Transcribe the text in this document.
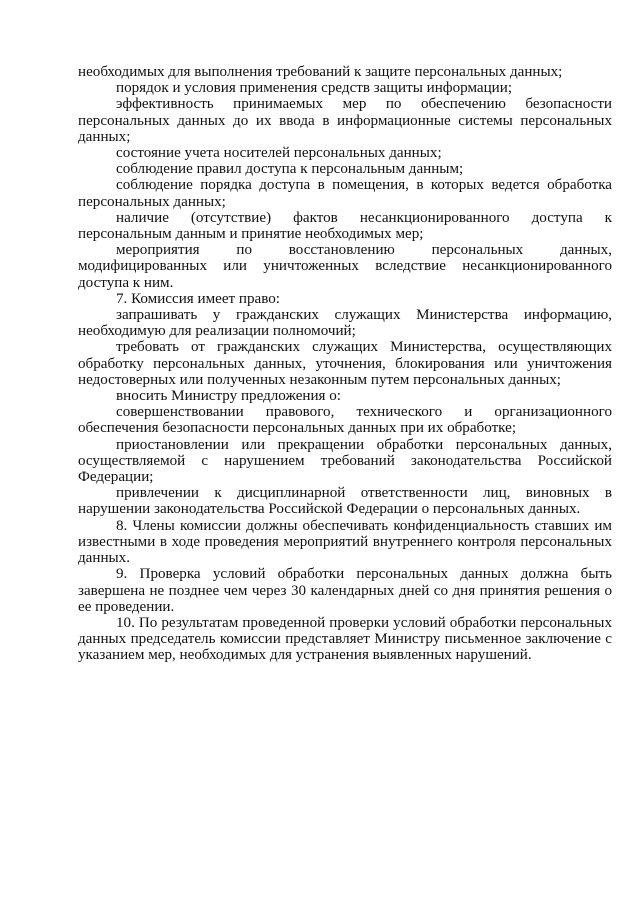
необходимых для выполнения требований к защите персональных данных;

порядок и условия применения средств защиты информации;

эффективность принимаемых мер по обеспечению безопасности персональных данных до их ввода в информационные системы персональных данных;

состояние учета носителей персональных данных;

соблюдение правил доступа к персональным данным;

соблюдение порядка доступа в помещения, в которых ведется обработка персональных данных;

наличие (отсутствие) фактов несанкционированного доступа к персональным данным и принятие необходимых мер;

мероприятия по восстановлению персональных данных, модифицированных или уничтоженных вследствие несанкционированного доступа к ним.

7. Комиссия имеет право:

запрашивать у гражданских служащих Министерства информацию, необходимую для реализации полномочий;

требовать от гражданских служащих Министерства, осуществляющих обработку персональных данных, уточнения, блокирования или уничтожения недостоверных или полученных незаконным путем персональных данных;

вносить Министру предложения о:

совершенствовании правового, технического и организационного обеспечения безопасности персональных данных при их обработке;

приостановлении или прекращении обработки персональных данных, осуществляемой с нарушением требований законодательства Российской Федерации;

привлечении к дисциплинарной ответственности лиц, виновных в нарушении законодательства Российской Федерации о персональных данных.

8. Члены комиссии должны обеспечивать конфиденциальность ставших им известными в ходе проведения мероприятий внутреннего контроля персональных данных.

9. Проверка условий обработки персональных данных должна быть завершена не позднее чем через 30 календарных дней со дня принятия решения о ее проведении.

10. По результатам проведенной проверки условий обработки персональных данных председатель комиссии представляет Министру письменное заключение с указанием мер, необходимых для устранения выявленных нарушений.
